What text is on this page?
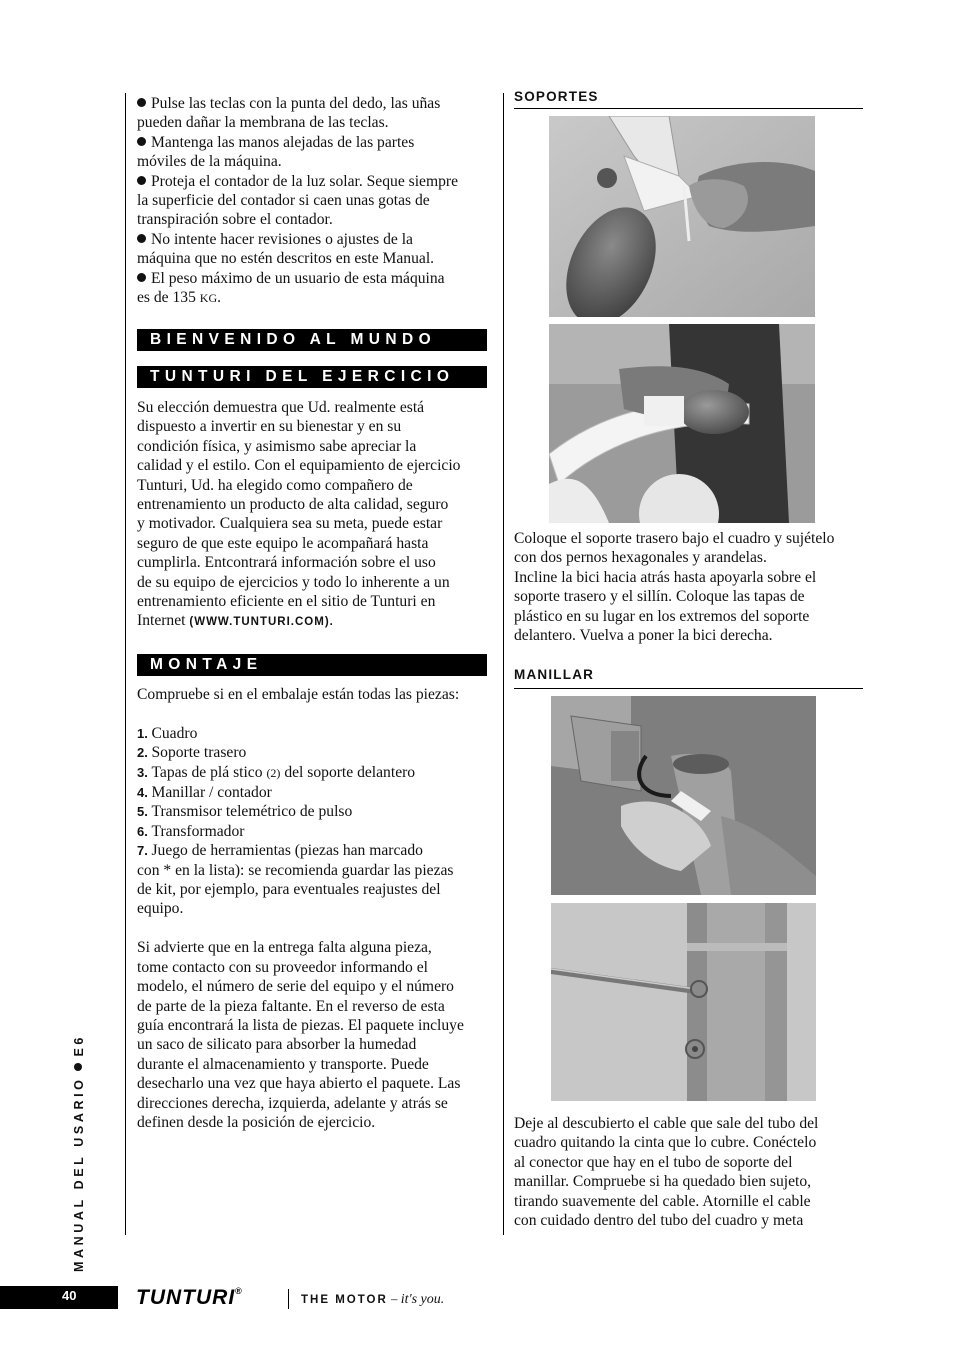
Pulse las teclas con la punta del dedo, las uñas
pueden dañar la membrana de las teclas.

Mantenga las manos alejadas de las partes
móviles de la máquina.

Proteja el contador de la luz solar. Seque siempre
la superficie del contador si caen unas gotas de
transpiración sobre el contador.

No intente hacer revisiones o ajustes de la
máquina que no estén descritos en este Manual.

El peso máximo de un usuario de esta máquina
es de 135 KG.

BIENVENIDO AL MUNDO
TUNTURI DEL EJERCICIO

Su elección demuestra que Ud. realmente está

dispuesto a invertir en su bienestar y en su

condición física, y asimismo sabe apreciar la

calidad y el estilo. Con el equipamiento de ejercicio

Tunturi, Ud. ha elegido como compañero de

entrenamiento un producto de alta calidad, seguro

y motivador. Cualquiera sea su meta, puede estar

seguro de que este equipo le acompañará hasta

cumplirla. Entcontrará información sobre el uso

de su equipo de ejercicios y todo lo inherente a un

entrenamiento eficiente en el sitio de Tunturi en

Internet (WWW.TUNTURI.COM).

MONTAJE

Compruebe si en el embalaje están todas las piezas:

1. Cuadro

2. Soporte trasero

3. Tapas de plá stico (2) del soporte delantero

4. Manillar / contador

5. Transmisor telemétrico de pulso

6. Transformador

7. Juego de herramientas (piezas han marcado

con * en la lista): se recomienda guardar las piezas

de kit, por ejemplo, para eventuales reajustes del

equipo.

Si advierte que en la entrega falta alguna pieza,

tome contacto con su proveedor informando el

modelo, el número de serie del equipo y el número

de parte de la pieza faltante. En el reverso de esta

guía encontrará la lista de piezas. El paquete incluye

un saco de silicato para absorber la humedad

durante el almacenamiento y transporte. Puede

desecharlo una vez que haya abierto el paquete. Las

direcciones derecha, izquierda, adelante y atrás se

definen desde la posición de ejercicio.

SOPORTES

Coloque el soporte trasero bajo el cuadro y sujételo

con dos pernos hexagonales y arandelas.

Incline la bici hacia atrás hasta apoyarla sobre el

soporte trasero y el sillín. Coloque las tapas de

plástico en su lugar en los extremos del soporte

delantero. Vuelva a poner la bici derecha.

MANILLAR

Deje al descubierto el cable que sale del tubo del

cuadro quitando la cinta que lo cubre. Conéctelo

al conector que hay en el tubo de soporte del

manillar. Compruebe si ha quedado bien sujeto,

tirando suavemente del cable. Atornille el cable

con cuidado dentro del tubo del cuadro y meta

MANUAL DEL USARIOE6
40	TUNTURI®
THE MOTOR – it's you.
